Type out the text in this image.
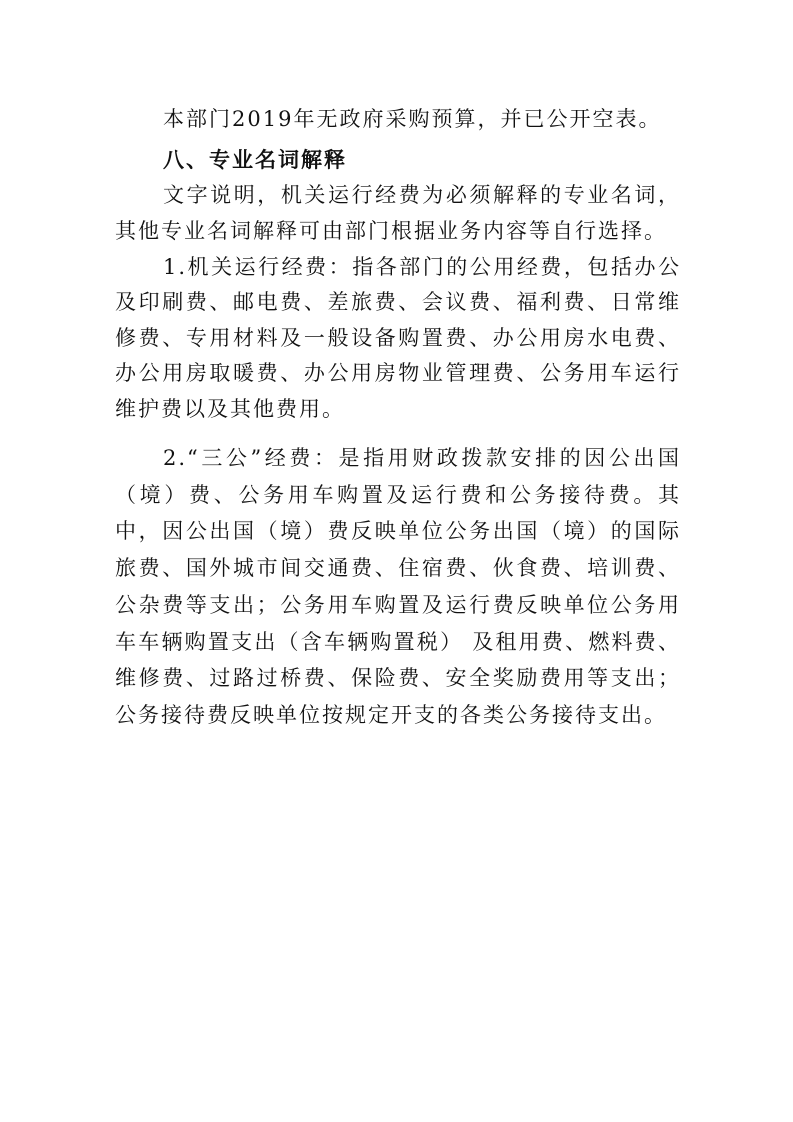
本部门2019年无政府采购预算，并已公开空表。

八、专业名词解释

文字说明，机关运行经费为必须解释的专业名词，其他专业名词解释可由部门根据业务内容等自行选择。

1.机关运行经费：指各部门的公用经费，包括办公及印刷费、邮电费、差旅费、会议费、福利费、日常维修费、专用材料及一般设备购置费、办公用房水电费、办公用房取暖费、办公用房物业管理费、公务用车运行维护费以及其他费用。

2.“三公”经费：是指用财政拨款安排的因公出国（境）费、公务用车购置及运行费和公务接待费。其中，因公出国（境）费反映单位公务出国（境）的国际旅费、国外城市间交通费、住宿费、伙食费、培训费、公杂费等支出；公务用车购置及运行费反映单位公务用车车辆购置支出（含车辆购置税） 及租用费、燃料费、维修费、过路过桥费、保险费、安全奖励费用等支出；公务接待费反映单位按规定开支的各类公务接待支出。
